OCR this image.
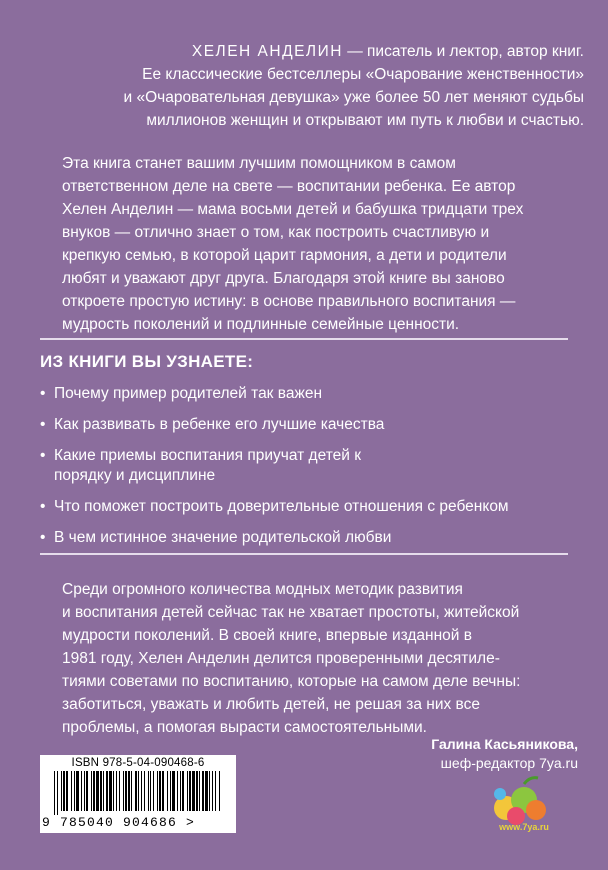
ХЕЛЕН АНДЕЛИН — писатель и лектор, автор книг.
Ее классические бестселлеры «Очарование женственности»
и «Очаровательная девушка» уже более 50 лет меняют судьбы
миллионов женщин и открывают им путь к любви и счастью.
Эта книга станет вашим лучшим помощником в самом
ответственном деле на свете — воспитании ребенка. Ее автор
Хелен Анделин — мама восьми детей и бабушка тридцати трех
внуков — отлично знает о том, как построить счастливую и
крепкую семью, в которой царит гармония, а дети и родители
любят и уважают друг друга. Благодаря этой книге вы заново
откроете простую истину: в основе правильного воспитания —
мудрость поколений и подлинные семейные ценности.
ИЗ КНИГИ ВЫ УЗНАЕТЕ:
• Почему пример родителей так важен
• Как развивать в ребенке его лучшие качества
• Какие приемы воспитания приучат детей к порядку и дисциплине
• Что поможет построить доверительные отношения с ребенком
• В чем истинное значение родительской любви
Среди огромного количества модных методик развития
и воспитания детей сейчас так не хватает простоты, житейской
мудрости поколений. В своей книге, впервые изданной в
1981 году, Хелен Анделин делится проверенными десятиле-
тиями советами по воспитанию, которые на самом деле вечны:
заботиться, уважать и любить детей, не решая за них все
проблемы, а помогая вырасти самостоятельными.
Галина Касьяникова,
шеф-редактор 7ya.ru
ISBN 978-5-04-090468-6
9 785040 904686 >	www.7ya.ru
